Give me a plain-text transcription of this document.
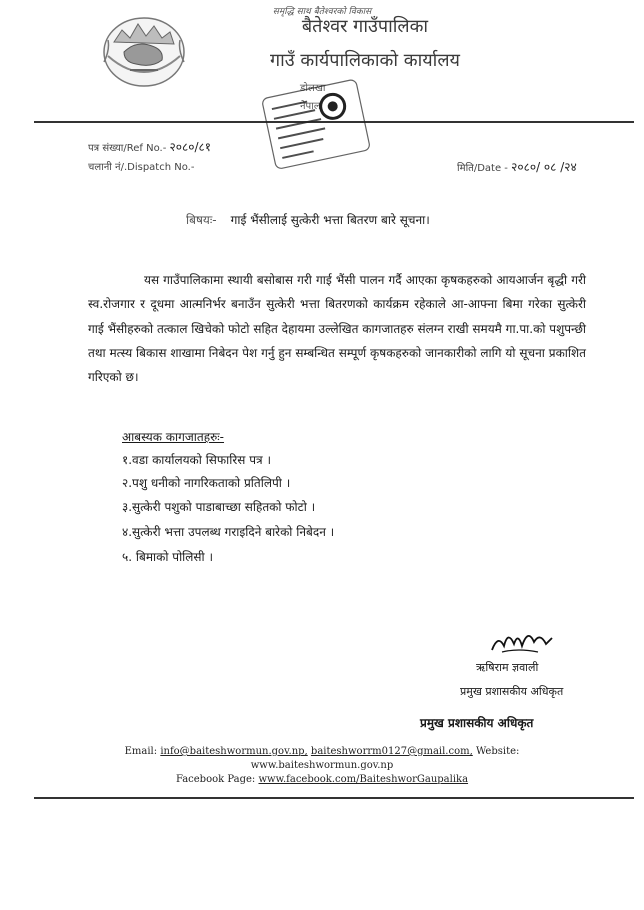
समृद्धि साथ बैतेश्वरको विकास
बैतेश्वर गाउँपालिका
गाउँ कार्यपालिकाको कार्यालय
डोलखा
नेपाल
पत्र संख्या/Ref No.- २०८०/८१
चलानी नं/.Dispatch No.-	मिति/Date - २०८०/ ०८ /२४
बिषयः- गाई भैंसीलाई सुत्केरी भत्ता बितरण बारे सूचना।
यस गाउँपालिकामा स्थायी बसोबास गरी गाई भैंसी पालन गर्दै आएका कृषकहरुको आयआर्जन बृद्धी गरी स्व.रोजगार र दूधमा आत्मनिर्भर बनाउँन सुत्केरी भत्ता बितरणको कार्यक्रम रहेकाले आ-आफ्ना बिमा गरेका सुत्केरी गाई भैंसीहरुको तत्काल खिचेको फोटो सहित देहायमा उल्लेखित कागजातहरु संलग्न राखी समयमै गा.पा.को पशुपन्छी तथा मत्स्य बिकास शाखामा निबेदन पेश गर्नु हुन सम्बन्धित सम्पूर्ण कृषकहरुको जानकारीको लागि यो सूचना प्रकाशित गरिएको छ।
आबस्यक कागजातहरुः-
१.वडा कार्यालयको सिफारिस पत्र ।
२.पशु धनीको नागरिकताको प्रतिलिपी ।
३.सुत्केरी पशुको पाडाबाच्छा सहितको फोटो ।
४.सुत्केरी भत्ता उपलब्ध गराइदिने बारेको निबेदन ।
५. बिमाको पोलिसी ।
ऋषिराम ज्ञवाली
प्रमुख प्रशासकीय अधिकृत
प्रमुख प्रशासकीय अधिकृत
Email: info@baiteshwormun.gov.np, baiteshworrm0127@gmail.com, Website:
www.baiteshwormun.gov.np
Facebook Page: www.facebook.com/BaiteshworGaupalika
